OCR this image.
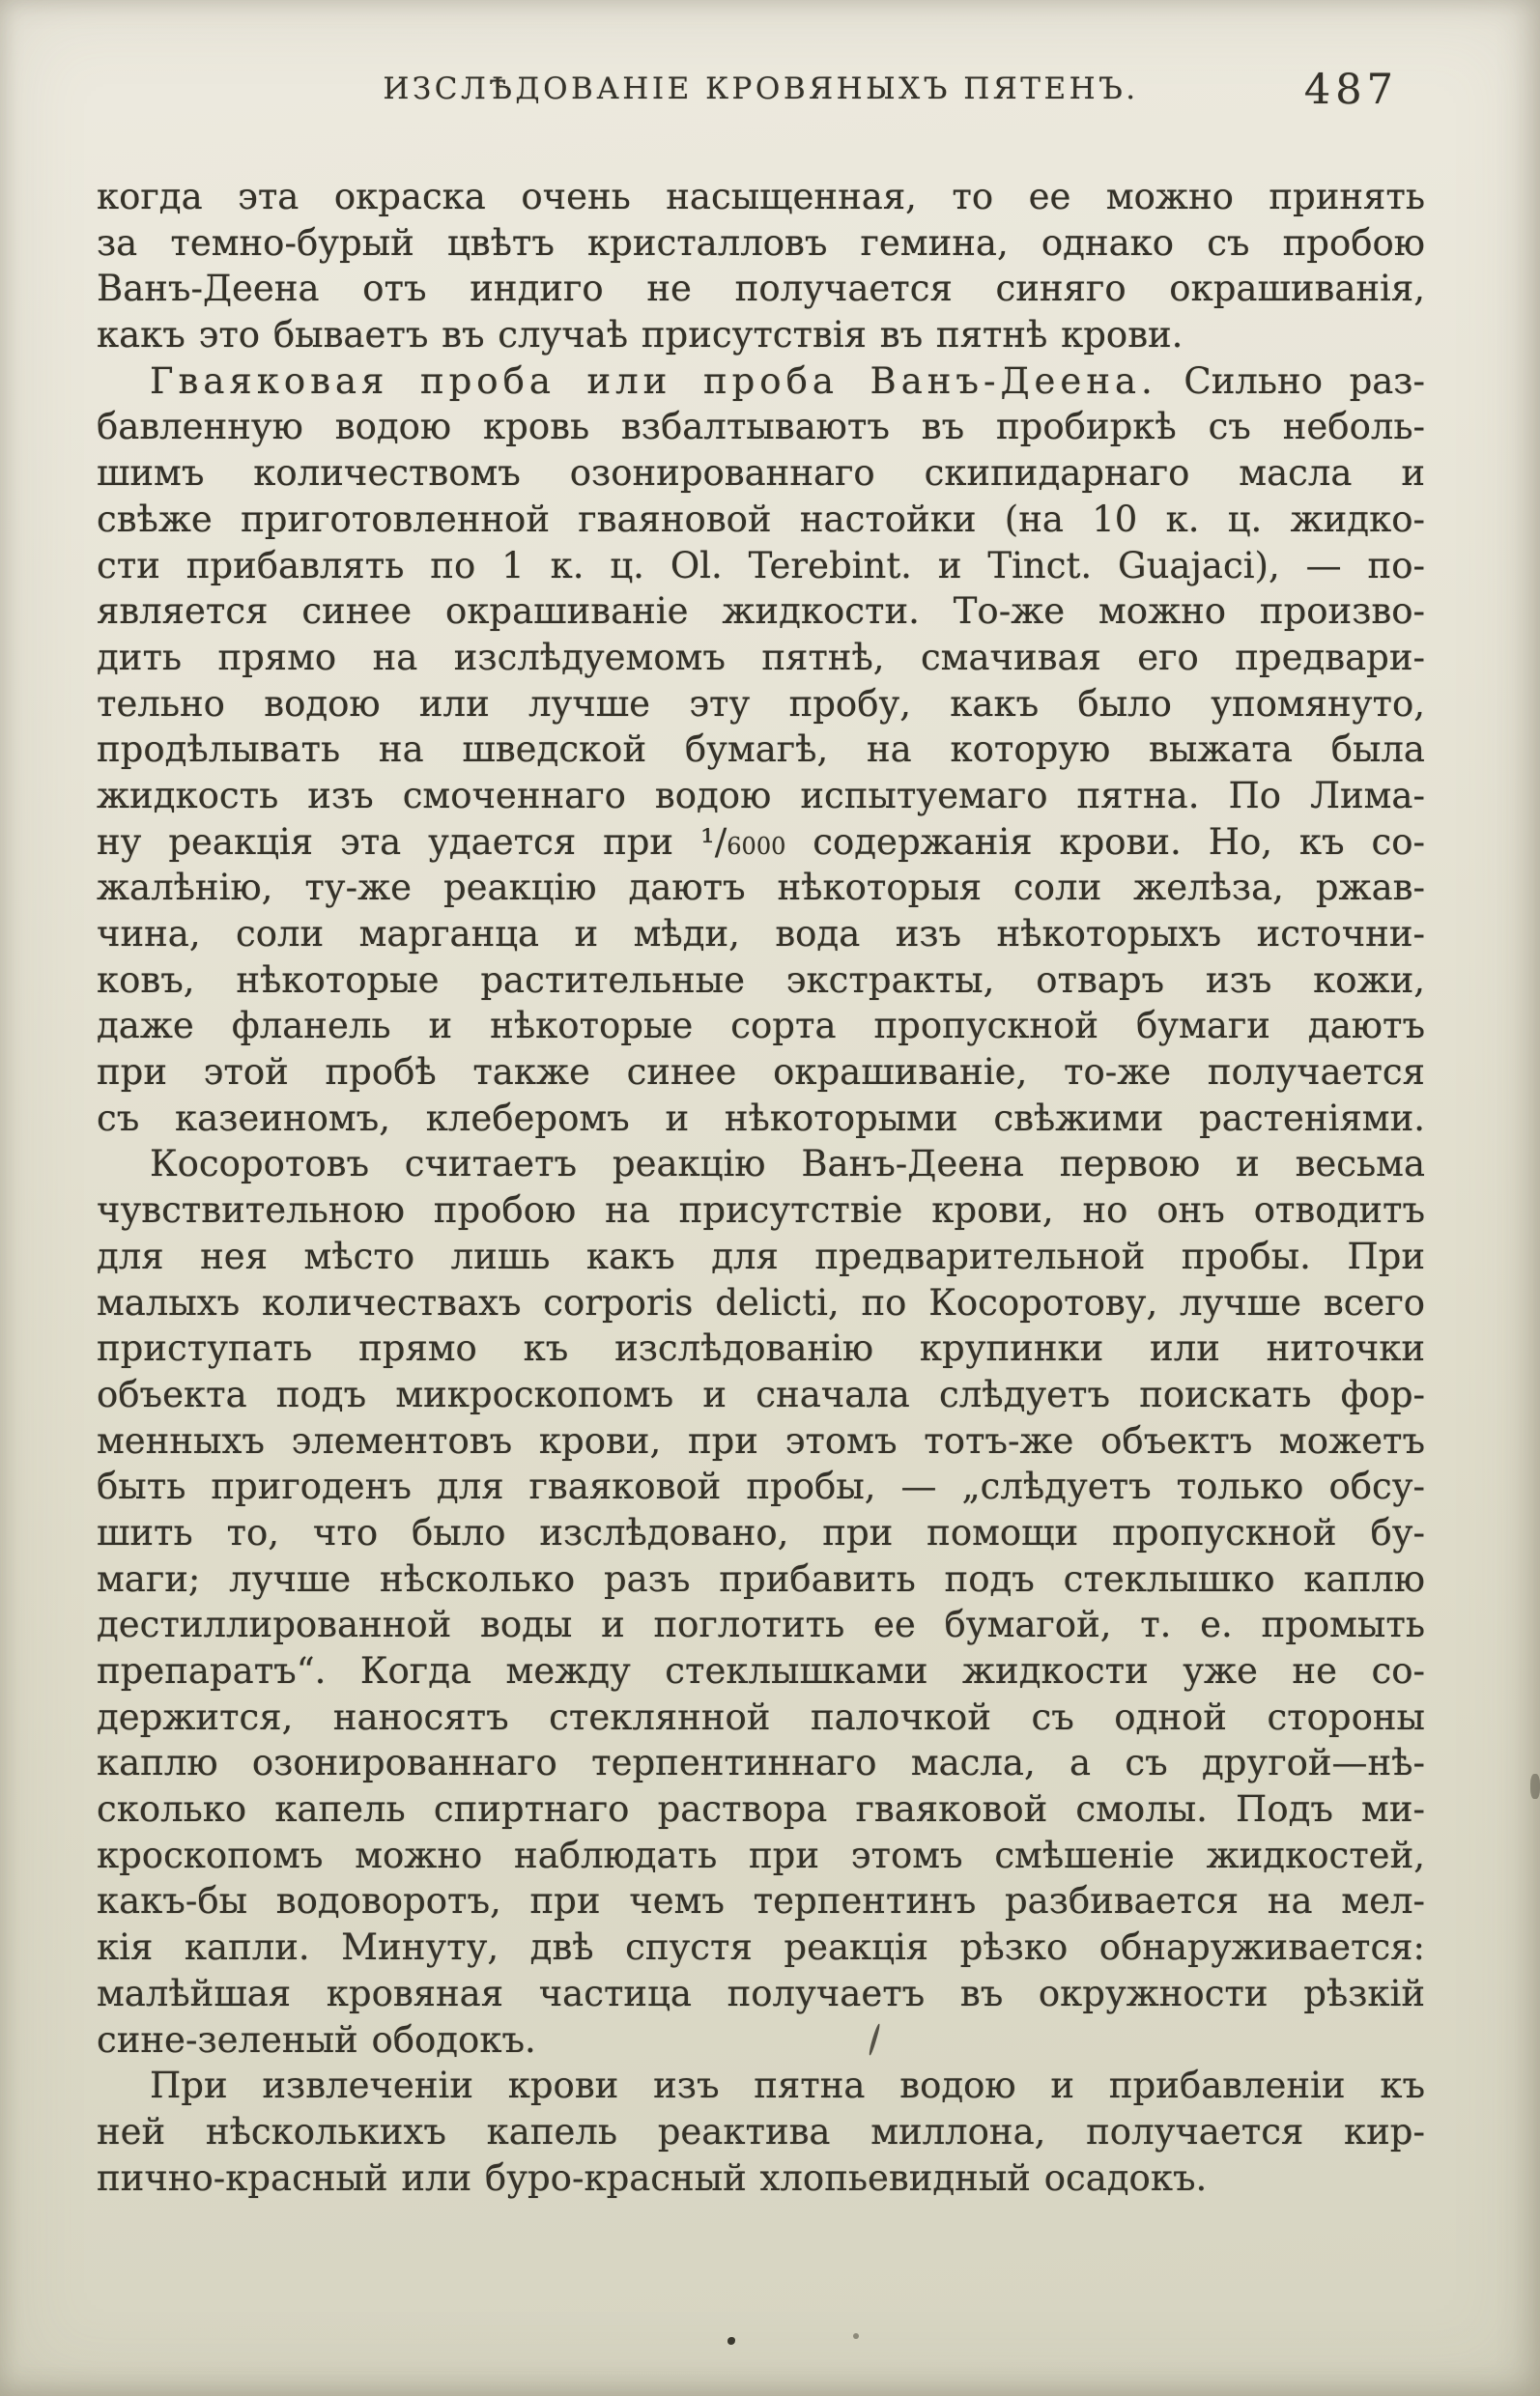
ИЗСЛѢДОВАНІЕ КРОВЯНЫХЪ ПЯТЕНЪ.	487
когда эта окраска очень насыщенная, то ее можно принять
за темно-бурый цвѣтъ кристалловъ гемина, однако съ пробою
Ванъ-Деена отъ индиго не получается синяго окрашиванія,
какъ это бываетъ въ случаѣ присутствія въ пятнѣ крови.
Гваяковая проба или проба Ванъ-Деена. Сильно раз-
бавленную водою кровь взбалтываютъ въ пробиркѣ съ неболь-
шимъ количествомъ озонированнаго скипидарнаго масла и
свѣже приготовленной гваяновой настойки (на 10 к. ц. жидко-
сти прибавлять по 1 к. ц. Ol. Terebint. и Tinct. Guajaci), — по-
является синее окрашиваніе жидкости. То-же можно произво-
дить прямо на изслѣдуемомъ пятнѣ, смачивая его предвари-
тельно водою или лучше эту пробу, какъ было упомянуто,
продѣлывать на шведской бумагѣ, на которую выжата была
жидкость изъ смоченнаго водою испытуемаго пятна. По Лима-
ну реакція эта удается при ¹/6000 содержанія крови. Но, къ со-
жалѣнію, ту-же реакцію даютъ нѣкоторыя соли желѣза, ржав-
чина, соли марганца и мѣди, вода изъ нѣкоторыхъ источни-
ковъ, нѣкоторые растительные экстракты, отваръ изъ кожи,
даже фланель и нѣкоторые сорта пропускной бумаги даютъ
при этой пробѣ также синее окрашиваніе, то-же получается
съ казеиномъ, клеберомъ и нѣкоторыми свѣжими растеніями.
Косоротовъ считаетъ реакцію Ванъ-Деена первою и весьма
чувствительною пробою на присутствіе крови, но онъ отводитъ
для нея мѣсто лишь какъ для предварительной пробы. При
малыхъ количествахъ corporis delicti, по Косоротову, лучше всего
приступать прямо къ изслѣдованію крупинки или ниточки
объекта подъ микроскопомъ и сначала слѣдуетъ поискать фор-
менныхъ элементовъ крови, при этомъ тотъ-же объектъ можетъ
быть пригоденъ для гваяковой пробы, — „слѣдуетъ только обсу-
шить то, что было изслѣдовано, при помощи пропускной бу-
маги; лучше нѣсколько разъ прибавить подъ стеклышко каплю
дестиллированной воды и поглотить ее бумагой, т. е. промыть
препаратъ“. Когда между стеклышками жидкости уже не со-
держится, наносятъ стеклянной палочкой съ одной стороны
каплю озонированнаго терпентиннаго масла, а съ другой—нѣ-
сколько капель спиртнаго раствора гваяковой смолы. Подъ ми-
кроскопомъ можно наблюдать при этомъ смѣшеніе жидкостей,
какъ-бы водоворотъ, при чемъ терпентинъ разбивается на мел-
кія капли. Минуту, двѣ спустя реакція рѣзко обнаруживается:
малѣйшая кровяная частица получаетъ въ окружности рѣзкій
сине-зеленый ободокъ.
При извлеченіи крови изъ пятна водою и прибавленіи къ
ней нѣсколькихъ капель реактива миллона, получается кир-
пично-красный или буро-красный хлопьевидный осадокъ.
